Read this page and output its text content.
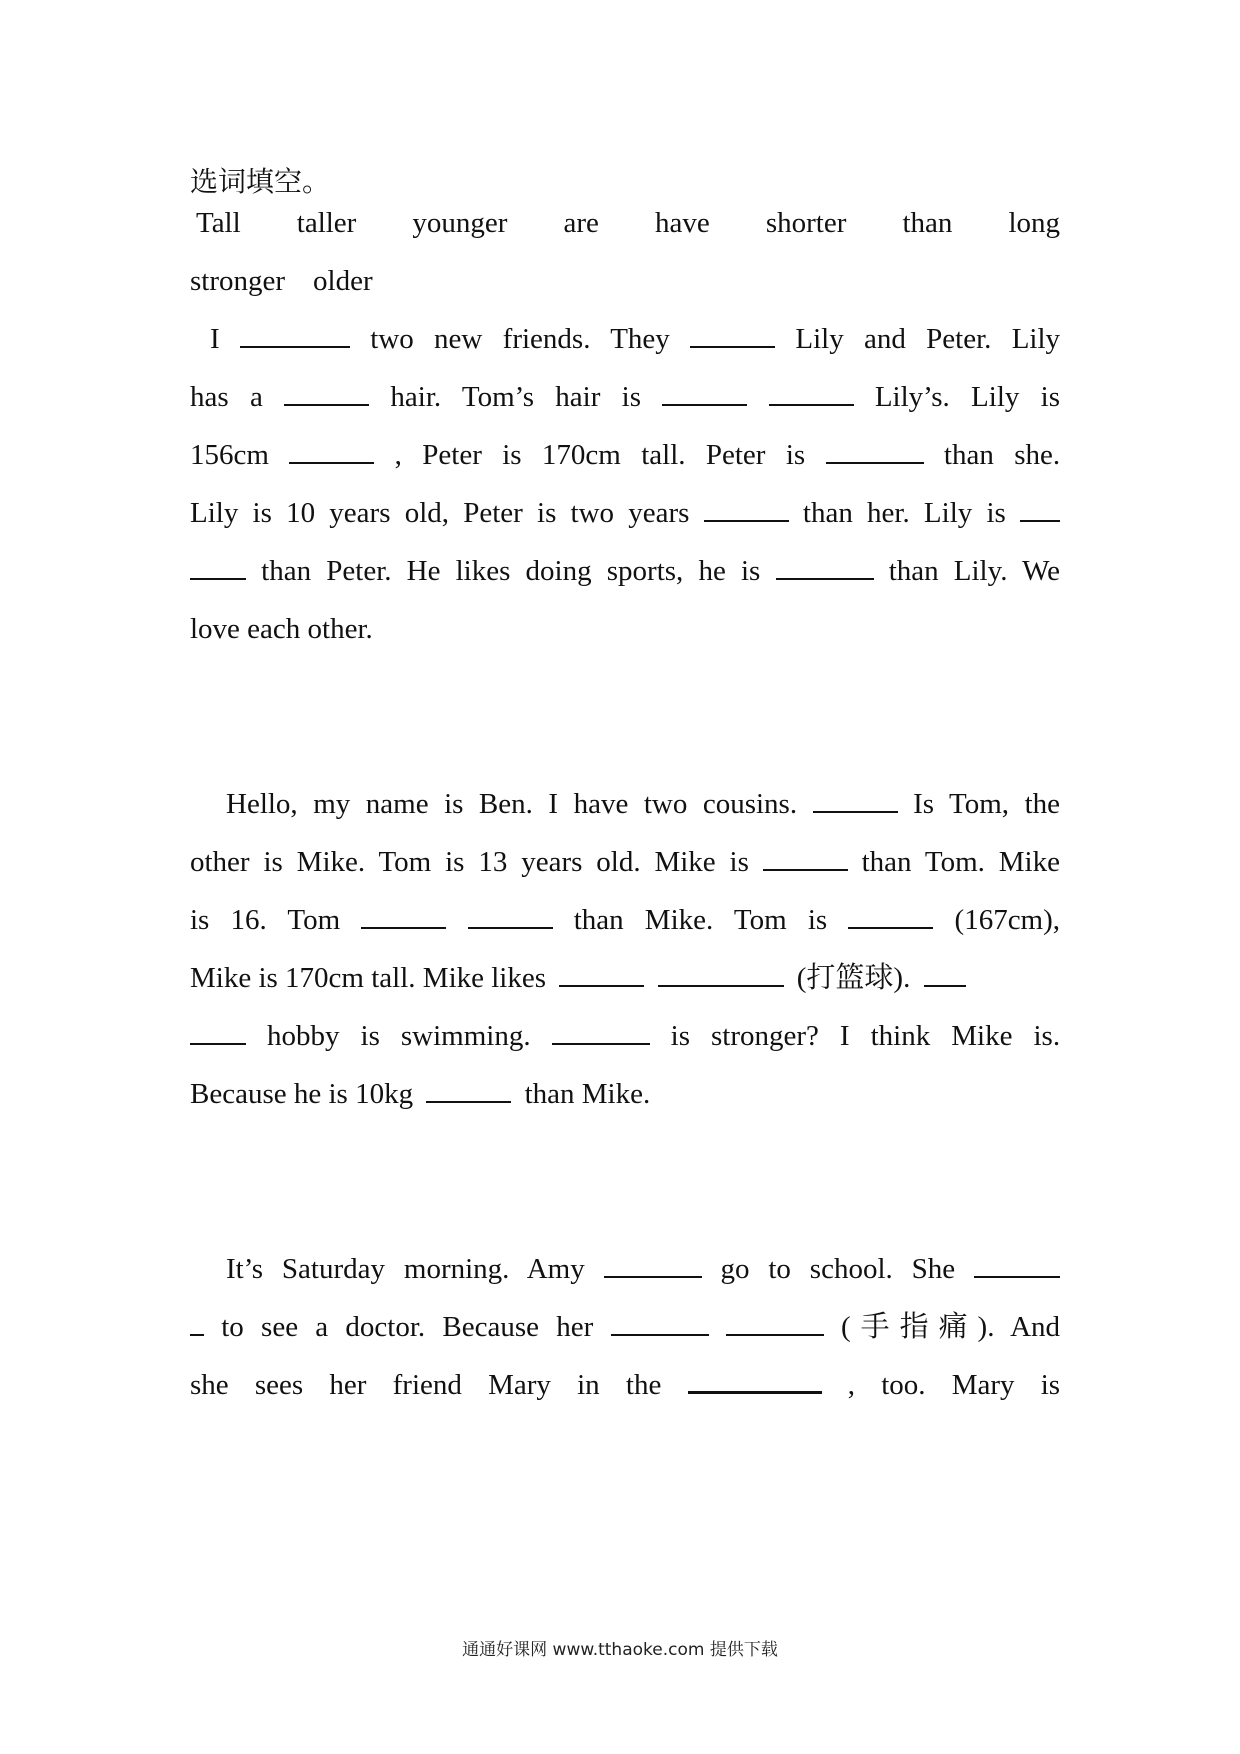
选词填空。
Tall taller younger are have shorter than long
stronger older
I	two new friends. They	Lily and Peter. Lily
has a	hair. Tom’s hair is	Lily’s. Lily is
156cm	, Peter is 170cm tall. Peter is	than she.
Lily is 10 years old, Peter is two years	than her. Lily is
than Peter. He likes doing sports, he is	than Lily. We
love each other.
Hello, my name is Ben. I have two cousins.	Is Tom, the
other is Mike. Tom is 13 years old. Mike is	than Tom. Mike
is 16. Tom	than Mike. Tom is	(167cm),
Mike is 170cm tall. Mike likes	(打篮球).
hobby is swimming.	is stronger? I think Mike is.
Because he is 10kg	than Mike.
It’s Saturday morning. Amy	go to school. She
to see a doctor. Because her	(手指痛). And
she sees her friend Mary in the	, too. Mary is
通通好课网 www.tthaoke.com 提供下载
